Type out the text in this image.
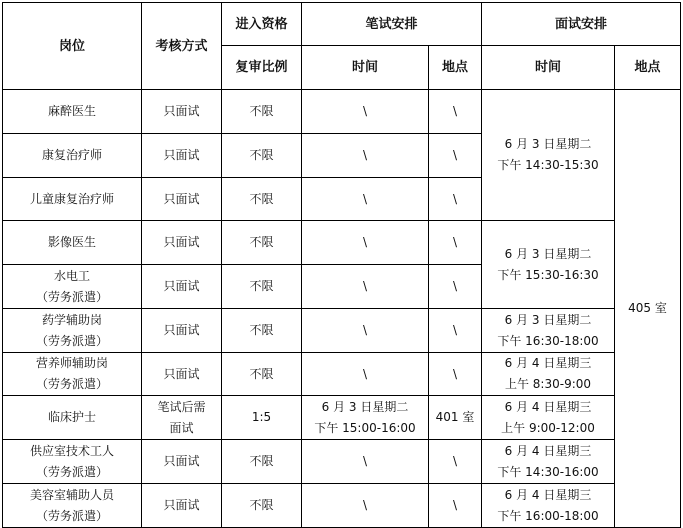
岗位	考核方式	进入资格	笔试安排		面试安排	
		复审比例	时间	地点	时间	地点

麻醉医生	只面试	不限	\	\	6 月 3 日星期二
下午 14:30-15:30	405 室

康复治疗师	只面试	不限	\	\		

儿童康复治疗师	只面试	不限	\	\		

影像医生	只面试	不限	\	\	6 月 3 日星期二
下午 15:30-16:30	

水电工
（劳务派遣）	只面试	不限	\	\		

药学辅助岗
（劳务派遣）	只面试	不限	\	\	6 月 3 日星期二
下午 16:30-18:00	

营养师辅助岗
（劳务派遣）	只面试	不限	\	\	6 月 4 日星期三
上午 8:30-9:00	

临床护士	笔试后需
面试	1:5	6 月 3 日星期二
下午 15:00-16:00	401 室	6 月 4 日星期三
上午 9:00-12:00	

供应室技术工人
（劳务派遣）	只面试	不限	\	\	6 月 4 日星期三
下午 14:30-16:00	

美容室辅助人员
（劳务派遣）	只面试	不限	\	\	6 月 4 日星期三
下午 16:00-18:00	
